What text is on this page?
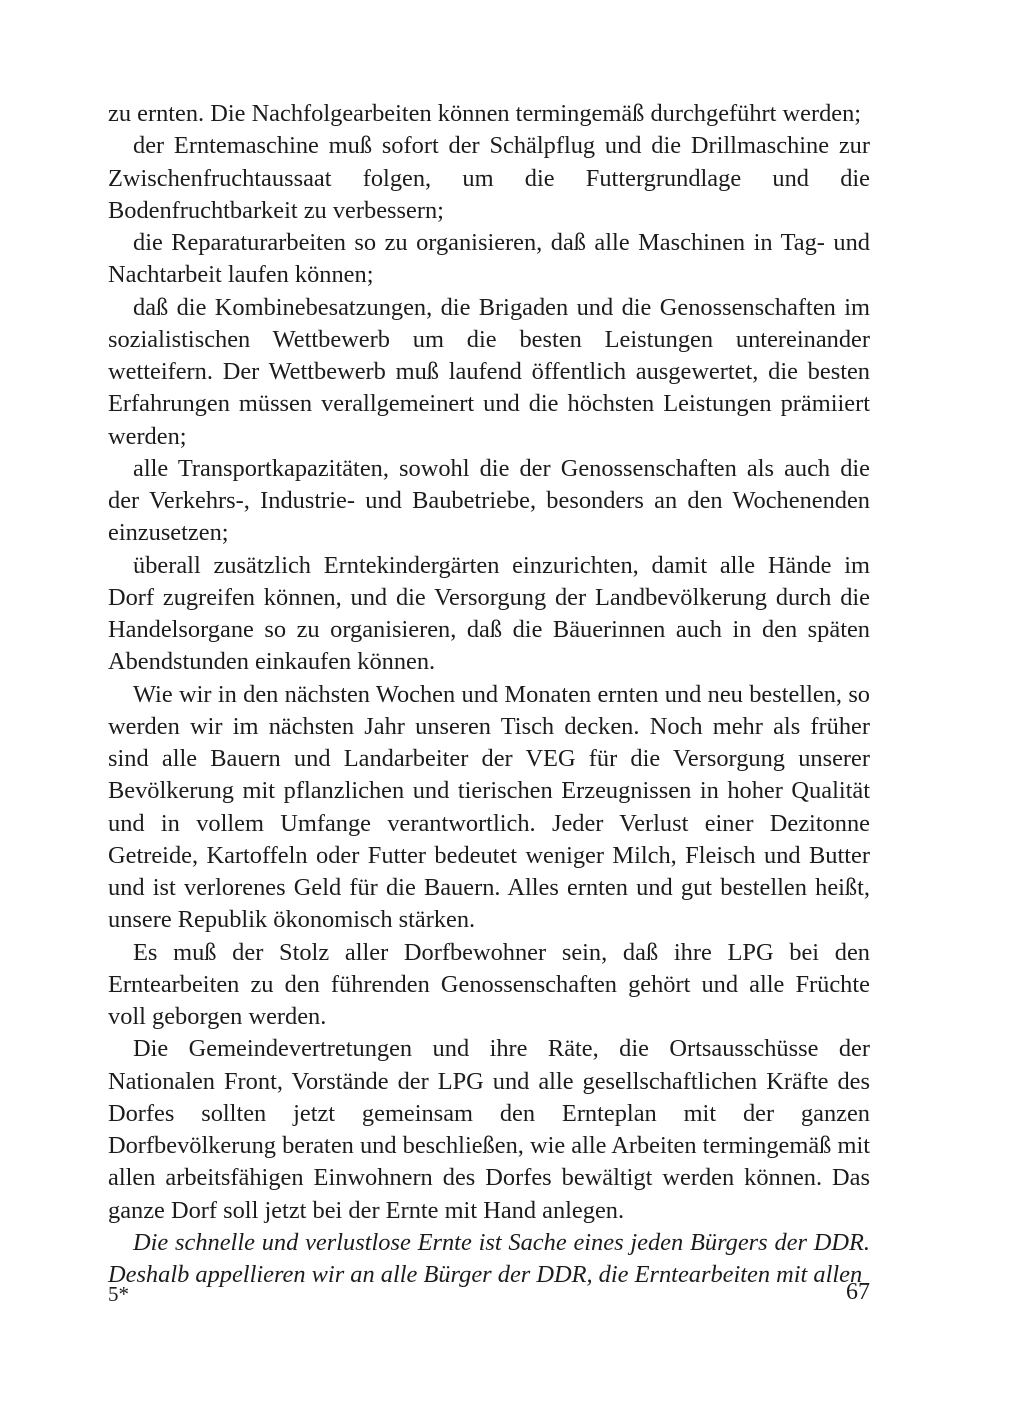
zu ernten. Die Nachfolgearbeiten können termingemäß durchgeführt werden;

der Erntemaschine muß sofort der Schälpflug und die Drillmaschine zur Zwischenfruchtaussaat folgen, um die Futtergrundlage und die Bodenfruchtbarkeit zu verbessern;

die Reparaturarbeiten so zu organisieren, daß alle Maschinen in Tag- und Nachtarbeit laufen können;

daß die Kombinebesatzungen, die Brigaden und die Genossenschaften im sozialistischen Wettbewerb um die besten Leistungen untereinander wetteifern. Der Wettbewerb muß laufend öffentlich ausgewertet, die besten Erfahrungen müssen verallgemeinert und die höchsten Leistungen prämiiert werden;

alle Transportkapazitäten, sowohl die der Genossenschaften als auch die der Verkehrs-, Industrie- und Baubetriebe, besonders an den Wochenenden einzusetzen;

überall zusätzlich Erntekindergärten einzurichten, damit alle Hände im Dorf zugreifen können, und die Versorgung der Landbevölkerung durch die Handelsorgane so zu organisieren, daß die Bäuerinnen auch in den späten Abendstunden einkaufen können.

Wie wir in den nächsten Wochen und Monaten ernten und neu bestellen, so werden wir im nächsten Jahr unseren Tisch decken. Noch mehr als früher sind alle Bauern und Landarbeiter der VEG für die Versorgung unserer Bevölkerung mit pflanzlichen und tierischen Erzeugnissen in hoher Qualität und in vollem Umfange verantwortlich. Jeder Verlust einer Dezitonne Getreide, Kartoffeln oder Futter bedeutet weniger Milch, Fleisch und Butter und ist verlorenes Geld für die Bauern. Alles ernten und gut bestellen heißt, unsere Republik ökonomisch stärken.

Es muß der Stolz aller Dorfbewohner sein, daß ihre LPG bei den Erntearbeiten zu den führenden Genossenschaften gehört und alle Früchte voll geborgen werden.

Die Gemeindevertretungen und ihre Räte, die Ortsausschüsse der Nationalen Front, Vorstände der LPG und alle gesellschaftlichen Kräfte des Dorfes sollten jetzt gemeinsam den Ernteplan mit der ganzen Dorfbevölkerung beraten und beschließen, wie alle Arbeiten termingemäß mit allen arbeitsfähigen Einwohnern des Dorfes bewältigt werden können. Das ganze Dorf soll jetzt bei der Ernte mit Hand anlegen.

Die schnelle und verlustlose Ernte ist Sache eines jeden Bürgers der DDR. Deshalb appellieren wir an alle Bürger der DDR, die Erntearbeiten mit allen

5*	67
